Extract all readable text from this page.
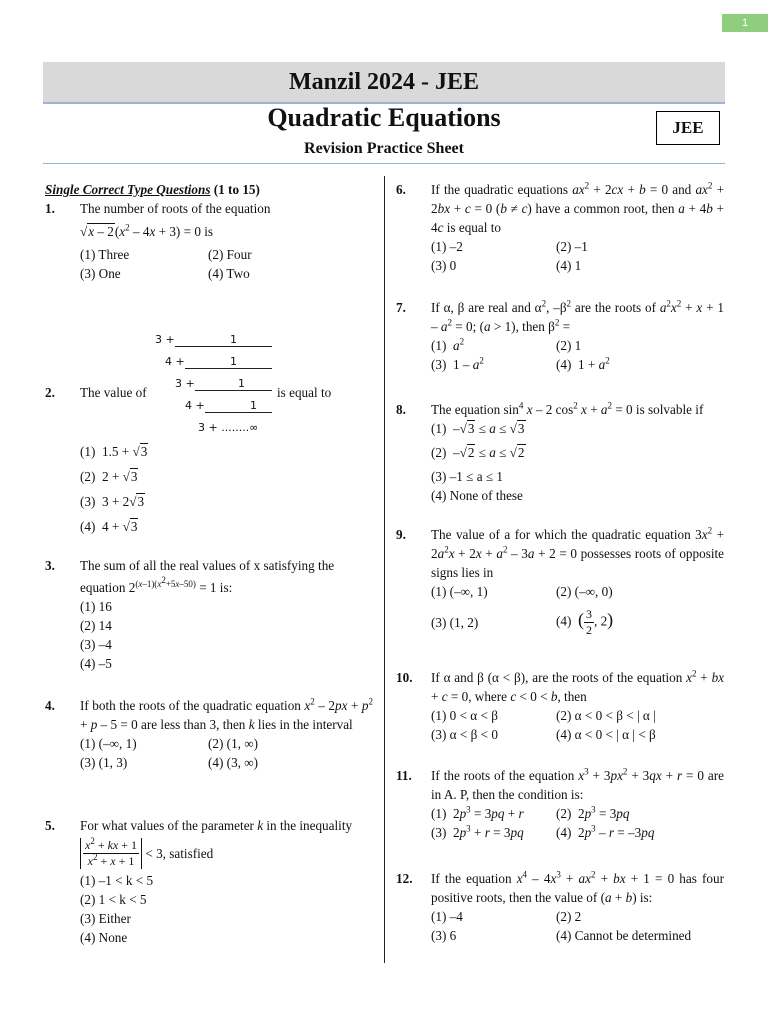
1
Manzil 2024 - JEE
Quadratic Equations	JEE
Revision Practice Sheet
Single Correct Type Questions (1 to 15)
1. The number of roots of the equation
$√x - 2(x^2 - 4x + 3) = 0$ is
(1) Three	(2) Four
(3) One	(4) Two
3 +	1
4 +	1
3 +	1
4 +	1
3 + ........∞
2. The value of	is equal to
(1)  1.5 + √3
(2)  2 + √3
(3)  3 + 2√3
(4)  4 + √3
3. The sum of all the real values of x satisfying the
equation $2^{(x-1)(x^2+5x-50)} = 1$ is:
(1) 16
(2) 14
(3) –4
(4) –5
4. If both the roots of the quadratic equation $x^2 - 2px + p^2 + p - 5 = 0$ are less than 3, then k lies in the interval
(1) (–∞, 1)	(2) (1, ∞)
(3) (1, 3)	(4) (3, ∞)
5. For what values of the parameter k in the inequality
$\frac{x^2 + kx + 1}{x^2 + x + 1} < 3$, satisfied
(1) –1 < k < 5
(2) 1 < k < 5
(3) Either
(4) None
6. If the quadratic equations $ax^2 + 2cx + b = 0$ and $ax^2 + 2bx + c = 0$ (b ≠ c) have a common root, then a + 4b + 4c is equal to
(1) –2	(2) –1
(3) 0	(4) 1
7. If α, β are real and $\alpha^2$, $-\beta^2$ are the roots of $a^2x^2 + x + 1 - a^2 = 0$; (a > 1), then $\beta^2$ =
(1)  $a^2$	(2) 1
(3)  $1 - a^2$	(4)  $1 + a^2$
8. The equation $\sin^4 x - 2$ $\cos^2 x + a^2 = 0$ is solvable if
(1)  –√3 ≤ a ≤ √3
(2)  –√2 ≤ a ≤ √2
(3) –1 ≤ a ≤ 1
(4) None of these
9. The value of a for which the quadratic equation $3x^2 + 2a^2x + 2x + a^2 - 3a + 2 = 0$ possesses roots of opposite signs lies in
(1) (–∞, 1)	(2) (–∞, 0)
(3) (1, 2)	(4)  ( $\frac{3}{2}$ , 2)
10. If α and β (α < β), are the roots of the equation $x^2$ + bx + c = 0, where c < 0 < b, then
(1) 0 < α < β	(2) α < 0 < β < | α |
(3) α < β < 0	(4) α < 0 < | α | < β
11. If the roots of the equation $x^3 + 3px^2 + 3qx + r = 0$ are in A. P, then the condition is:
(1)  $2p^3 = 3pq + r$	(2)  $2p^3 = 3pq$
(3)  $2p^3 + r = 3pq$	(4)  $2p^3 - r = -3pq$
12. If the equation $x^4 - 4x^3 + ax^2$ + bx + 1 = 0 has four positive roots, then the value of (a + b) is:
(1) –4	(2) 2
(3) 6	(4) Cannot be determined
